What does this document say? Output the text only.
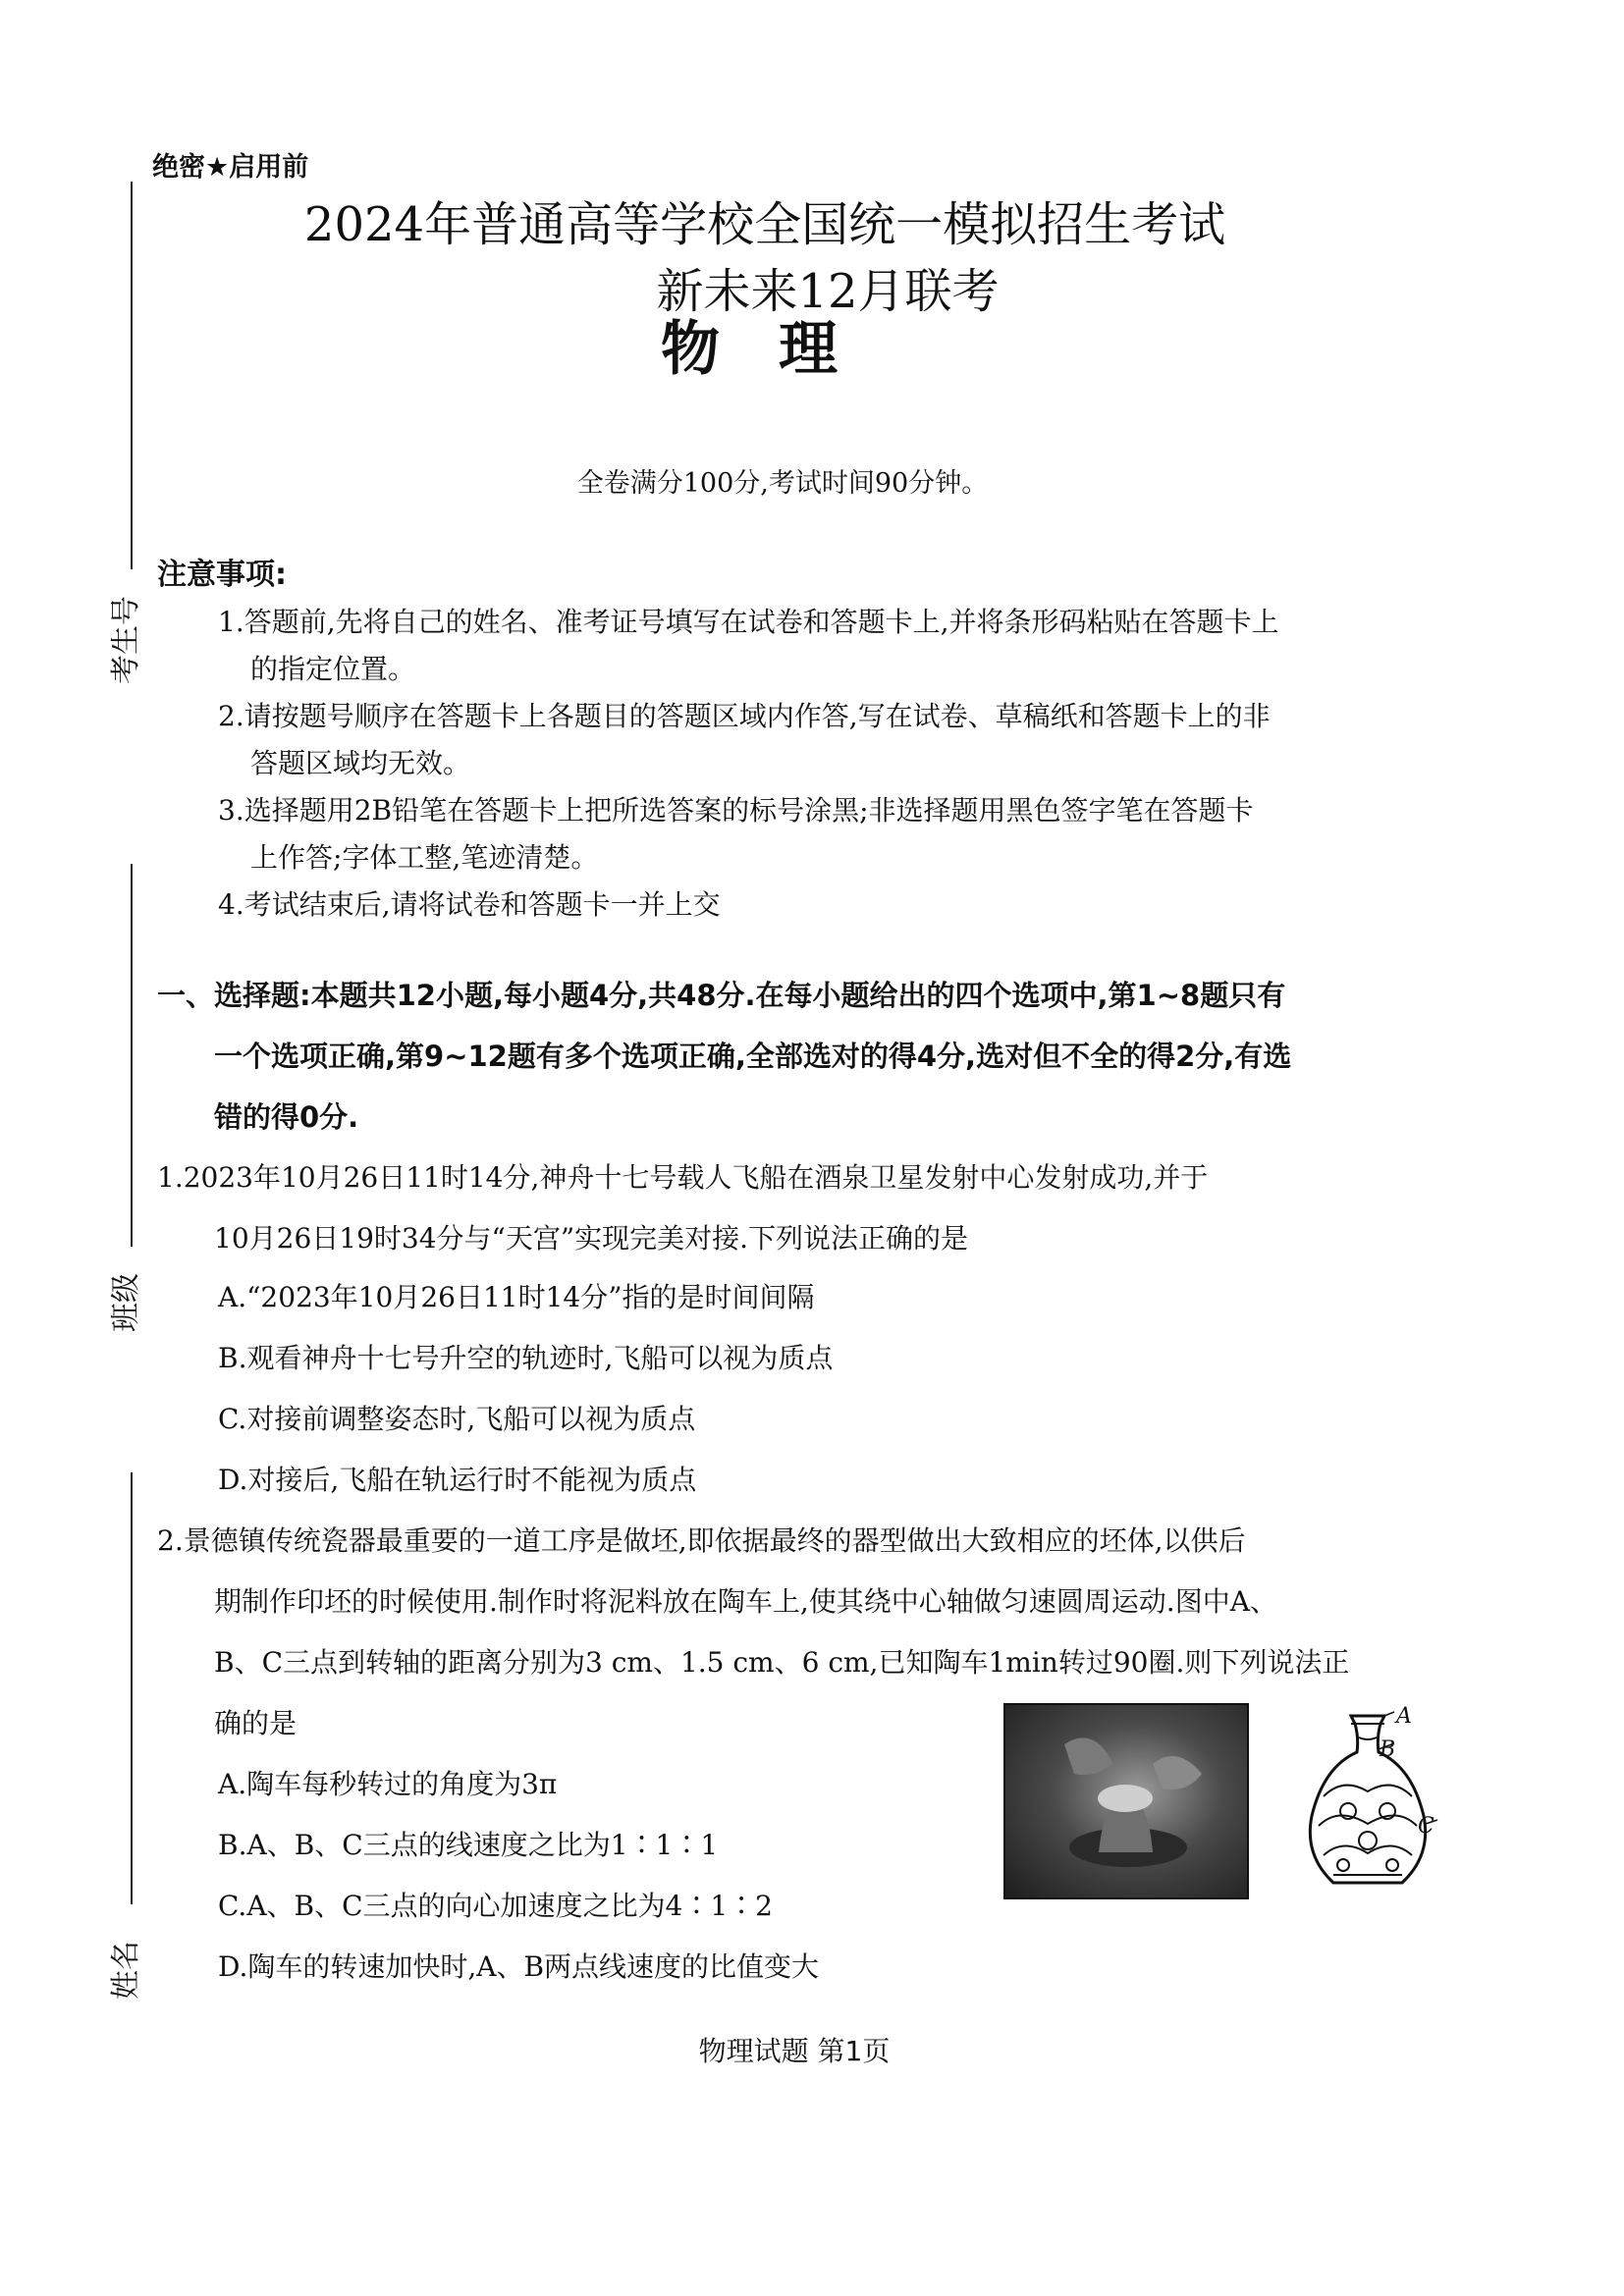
考生号
班级
姓名
绝密★启用前
2024年普通高等学校全国统一模拟招生考试
新未来12月联考
物理
全卷满分100分,考试时间90分钟。
注意事项:
1.答题前,先将自己的姓名、准考证号填写在试卷和答题卡上,并将条形码粘贴在答题卡上
的指定位置。
2.请按题号顺序在答题卡上各题目的答题区域内作答,写在试卷、草稿纸和答题卡上的非
答题区域均无效。
3.选择题用2B铅笔在答题卡上把所选答案的标号涂黑;非选择题用黑色签字笔在答题卡
上作答;字体工整,笔迹清楚。
4.考试结束后,请将试卷和答题卡一并上交
一、选择题:本题共12小题,每小题4分,共48分.在每小题给出的四个选项中,第1~8题只有
一个选项正确,第9~12题有多个选项正确,全部选对的得4分,选对但不全的得2分,有选
错的得0分.
1.2023年10月26日11时14分,神舟十七号载人飞船在酒泉卫星发射中心发射成功,并于
10月26日19时34分与“天宫”实现完美对接.下列说法正确的是
A.“2023年10月26日11时14分”指的是时间间隔
B.观看神舟十七号升空的轨迹时,飞船可以视为质点
C.对接前调整姿态时,飞船可以视为质点
D.对接后,飞船在轨运行时不能视为质点
2.景德镇传统瓷器最重要的一道工序是做坯,即依据最终的器型做出大致相应的坯体,以供后
期制作印坯的时候使用.制作时将泥料放在陶车上,使其绕中心轴做匀速圆周运动.图中A、
B、C三点到转轴的距离分别为3 cm、1.5 cm、6 cm,已知陶车1min转过90圈.则下列说法正
确的是
A.陶车每秒转过的角度为3π
B.A、B、C三点的线速度之比为1∶1∶1
C.A、B、C三点的向心加速度之比为4∶1∶2
D.陶车的转速加快时,A、B两点线速度的比值变大
A
B
C
物理试题 第1页
